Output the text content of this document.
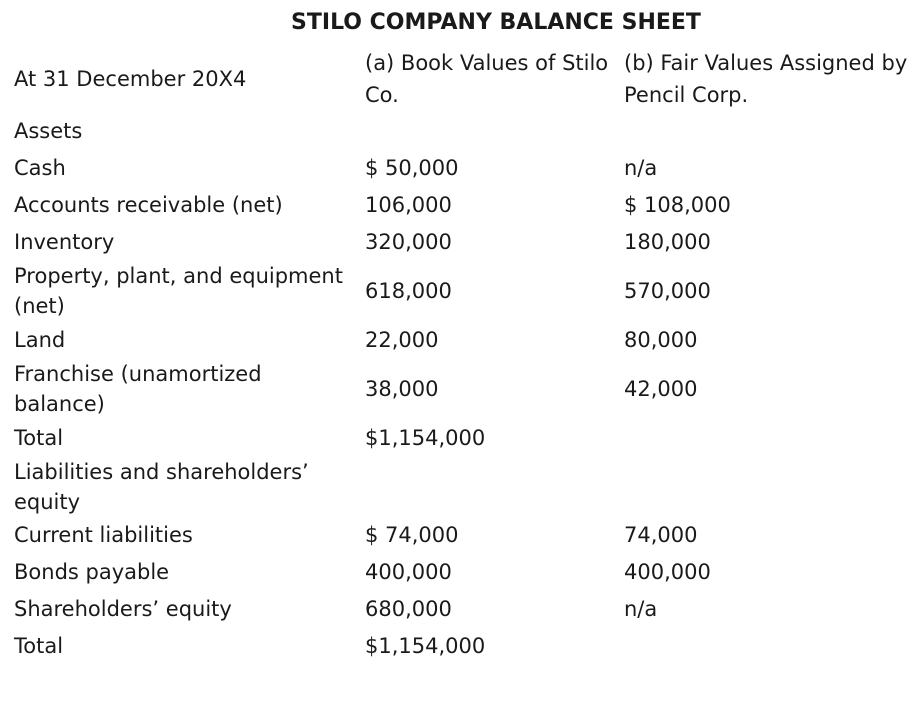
STILO COMPANY BALANCE SHEET
At 31 December 20X4	(a) Book Values of Stilo Co.	(b) Fair Values Assigned by Pencil Corp.
Assets		
Cash	$ 50,000	n/a
Accounts receivable (net)	106,000	$ 108,000
Inventory	320,000	180,000
Property, plant, and equipment (net)	618,000	570,000
Land	22,000	80,000
Franchise (unamortized balance)	38,000	42,000
Total	$1,154,000	
Liabilities and shareholders’ equity		
Current liabilities	$ 74,000	74,000
Bonds payable	400,000	400,000
Shareholders’ equity	680,000	n/a
Total	$1,154,000	
